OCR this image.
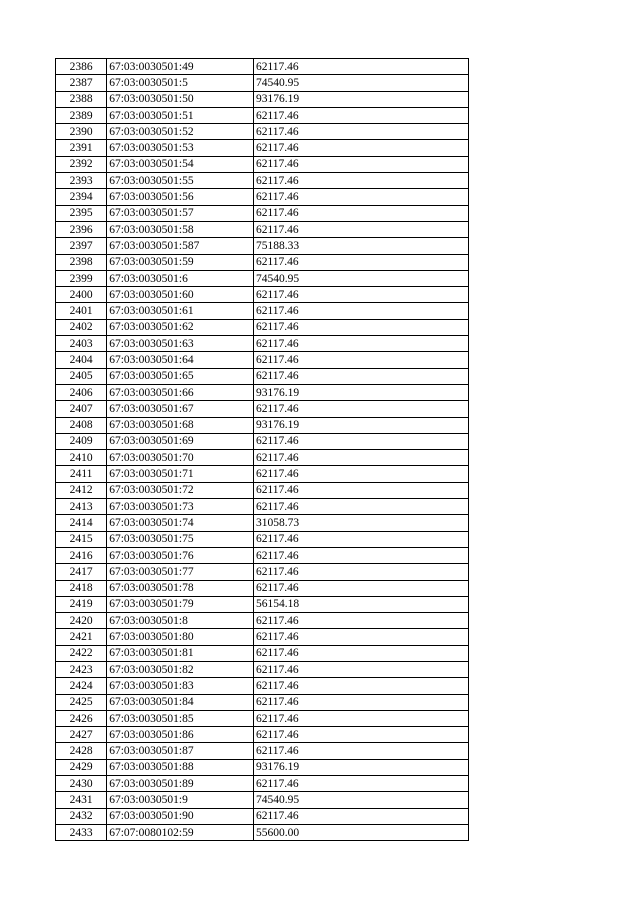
2386	67:03:0030501:49	62117.46
2387	67:03:0030501:5	74540.95
2388	67:03:0030501:50	93176.19
2389	67:03:0030501:51	62117.46
2390	67:03:0030501:52	62117.46
2391	67:03:0030501:53	62117.46
2392	67:03:0030501:54	62117.46
2393	67:03:0030501:55	62117.46
2394	67:03:0030501:56	62117.46
2395	67:03:0030501:57	62117.46
2396	67:03:0030501:58	62117.46
2397	67:03:0030501:587	75188.33
2398	67:03:0030501:59	62117.46
2399	67:03:0030501:6	74540.95
2400	67:03:0030501:60	62117.46
2401	67:03:0030501:61	62117.46
2402	67:03:0030501:62	62117.46
2403	67:03:0030501:63	62117.46
2404	67:03:0030501:64	62117.46
2405	67:03:0030501:65	62117.46
2406	67:03:0030501:66	93176.19
2407	67:03:0030501:67	62117.46
2408	67:03:0030501:68	93176.19
2409	67:03:0030501:69	62117.46
2410	67:03:0030501:70	62117.46
2411	67:03:0030501:71	62117.46
2412	67:03:0030501:72	62117.46
2413	67:03:0030501:73	62117.46
2414	67:03:0030501:74	31058.73
2415	67:03:0030501:75	62117.46
2416	67:03:0030501:76	62117.46
2417	67:03:0030501:77	62117.46
2418	67:03:0030501:78	62117.46
2419	67:03:0030501:79	56154.18
2420	67:03:0030501:8	62117.46
2421	67:03:0030501:80	62117.46
2422	67:03:0030501:81	62117.46
2423	67:03:0030501:82	62117.46
2424	67:03:0030501:83	62117.46
2425	67:03:0030501:84	62117.46
2426	67:03:0030501:85	62117.46
2427	67:03:0030501:86	62117.46
2428	67:03:0030501:87	62117.46
2429	67:03:0030501:88	93176.19
2430	67:03:0030501:89	62117.46
2431	67:03:0030501:9	74540.95
2432	67:03:0030501:90	62117.46
2433	67:07:0080102:59	55600.00
